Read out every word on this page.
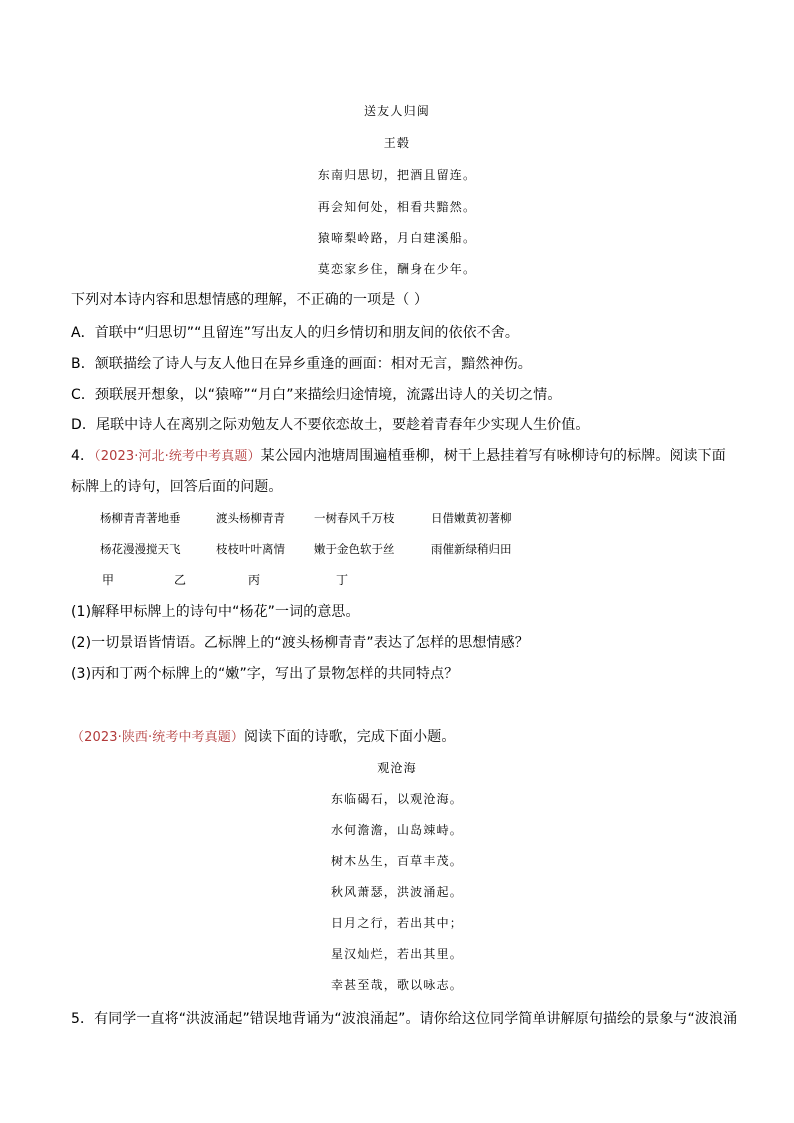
送友人归闽
王毂
东南归思切，把酒且留连。
再会知何处，相看共黯然。
猿啼梨岭路，月白建溪船。
莫恋家乡住，酬身在少年。
下列对本诗内容和思想情感的理解，不正确的一项是（ ）
A．首联中“归思切”“且留连”写出友人的归乡情切和朋友间的依依不舍。
B．颔联描绘了诗人与友人他日在异乡重逢的画面：相对无言，黯然神伤。
C．颈联展开想象，以“猿啼”“月白”来描绘归途情境，流露出诗人的关切之情。
D．尾联中诗人在离别之际劝勉友人不要依恋故土，要趁着青春年少实现人生价值。
4．（2023·河北·统考中考真题）某公园内池塘周围遍植垂柳，树干上悬挂着写有咏柳诗句的标牌。阅读下面
标牌上的诗句，回答后面的问题。
杨柳青青著地垂	渡头杨柳青青	一树春风千万枝	日借嫩黄初著柳
杨花漫漫搅天飞	枝枝叶叶离情	嫩于金色软于丝	雨催新绿稍归田
甲	乙	丙	丁
(1)解释甲标牌上的诗句中“杨花”一词的意思。
(2)一切景语皆情语。乙标牌上的“渡头杨柳青青”表达了怎样的思想情感？
(3)丙和丁两个标牌上的“嫩”字，写出了景物怎样的共同特点？
（2023·陕西·统考中考真题）阅读下面的诗歌，完成下面小题。
观沧海
东临碣石，以观沧海。
水何澹澹，山岛竦峙。
树木丛生，百草丰茂。
秋风萧瑟，洪波涌起。
日月之行，若出其中；
星汉灿烂，若出其里。
幸甚至哉，歌以咏志。
5．有同学一直将“洪波涌起”错误地背诵为“波浪涌起”。请你给这位同学简单讲解原句描绘的景象与“波浪涌
